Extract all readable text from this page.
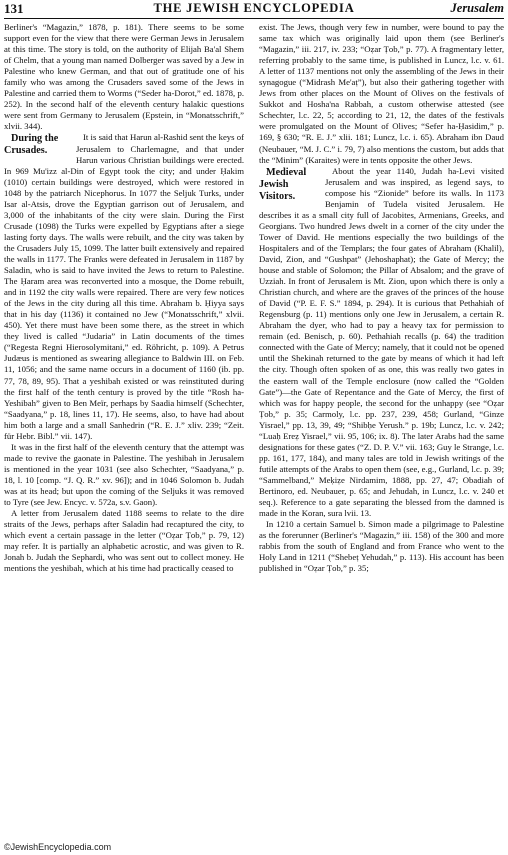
131	THE JEWISH ENCYCLOPEDIA	Jerusalem

Berliner's “Magazin,” 1878, p. 181). There seems to be some support even for the view that there were German Jews in Jerusalem at this time. The story is told, on the authority of Elijah Ba'al Shem of Chelm, that a young man named Dolberger was saved by a Jew in Palestine who knew German, and that out of gratitude one of his family who was among the Crusaders saved some of the Jews in Palestine and carried them to Worms (“Seder ha-Dorot,” ed. 1878, p. 252). In the second half of the eleventh century halakic questions were sent from Germany to Jerusalem (Epstein, in “Monatsschrift,” xlvii. 344).

During the Crusades.
It is said that Harun al-Rashid sent the keys of Jerusalem to Charlemagne, and that under Harun various Christian buildings were erected. In 969 Mu'izz al-Din of Egypt took the city; and under Ḥakim (1010) certain buildings were destroyed, which were restored in 1048 by the patriarch Nicephorus. In 1077 the Seljuk Turks, under Isar al-Atsis, drove the Egyptian garrison out of Jerusalem, and 3,000 of the inhabitants of the city were slain. During the First Crusade (1098) the Turks were expelled by Egyptians after a siege lasting forty days. The walls were rebuilt, and the city was taken by the Crusaders July 15, 1099. The latter built extensively and repaired the walls in 1177. The Franks were defeated in Jerusalem in 1187 by Saladin, who is said to have invited the Jews to return to Palestine. The Ḥaram area was reconverted into a mosque, the Dome rebuilt, and in 1192 the city walls were repaired. There are very few notices of the Jews in the city during all this time. Abraham b. Ḥiyya says that in his day (1136) it contained no Jew (“Monatsschrift,” xlvii. 450). Yet there must have been some there, as the street in which they lived is called “Judaria” in Latin documents of the times (“Regesta Regni Hierosolymitani,” ed. Röhricht, p. 109). A Petrus Judæus is mentioned as swearing allegiance to Baldwin III. on Feb. 11, 1056; and the same name occurs in a document of 1160 (ib. pp. 77, 78, 89, 95). That a yeshibah existed or was reinstituted during the first half of the tenth century is proved by the title “Rosh ha-Yeshibah” given to Ben Meïr, perhaps by Saadia himself (Schechter, “Saadyana,” p. 18, lines 11, 17). He seems, also, to have had about him both a large and a small Sanhedrin (“R. E. J.” xliv. 239; “Zeit. für Hebr. Bibl.” vii. 147).

It was in the first half of the eleventh century that the attempt was made to revive the gaonate in Palestine. The yeshibah in Jerusalem is mentioned in the year 1031 (see also Schechter, “Saadyana,” p. 18, l. 10 [comp. “J. Q. R.” xv. 96]); and in 1046 Solomon b. Judah was at its head; but upon the coming of the Seljuks it was removed to Tyre (see Jew. Encyc. v. 572a, s.v. Gaon).

A letter from Jerusalem dated 1188 seems to relate to the dire straits of the Jews, perhaps after Saladin had recaptured the city, to which event a certain passage in the letter (“Oẓar Ṭob,” p. 79, 12) may refer. It is partially an alphabetic acrostic, and was given to R. Jonah b. Judah the Sephardi, who was sent out to collect money. He mentions the yeshibah, which at his time had practically ceased to

exist. The Jews, though very few in number, were bound to pay the same tax which was originally laid upon them (see Berliner's “Magazin,” iii. 217, iv. 233; “Oẓar Ṭob,” p. 77). A fragmentary letter, referring probably to the same time, is published in Luncz, l.c. v. 61. A letter of 1137 mentions not only the assembling of the Jews in their synagogue (“Midrash Me'aṭ”), but also their gathering together with Jews from other places on the Mount of Olives on the festivals of Sukkot and Hosha'na Rabbah, a custom otherwise attested (see Schechter, l.c. 22, 5; according to 21, 12, the dates of the festivals were promulgated on the Mount of Olives; “Sefer ha-Ḥasidim,” p. 169, § 630; “R. E. J.” xlii. 181; Luncz, l.c. i. 65). Abraham ibn Daud (Neubauer, “M. J. C.” i. 79, 7) also mentions the custom, but adds that the “Minim” (Karaites) were in tents opposite the other Jews.

Medieval Jewish Visitors.
About the year 1140, Judah ha-Levi visited Jerusalem and was inspired, as legend says, to compose his “Zionide” before its walls. In 1173 Benjamin of Tudela visited Jerusalem. He describes it as a small city full of Jacobites, Armenians, Greeks, and Georgians. Two hundred Jews dwelt in a corner of the city under the Tower of David. He mentions especially the two buildings of the Hospitalers and of the Templars; the four gates of Abraham (Khalil), David, Zion, and “Gushpat” (Jehoshaphat); the Gate of Mercy; the house and stable of Solomon; the Pillar of Absalom; and the grave of Uzziah. In front of Jerusalem is Mt. Zion, upon which there is only a Christian church, and where are the graves of the princes of the house of David (“P. E. F. S.” 1894, p. 294). It is curious that Pethahiah of Regensburg (p. 11) mentions only one Jew in Jerusalem, a certain R. Abraham the dyer, who had to pay a heavy tax for permission to remain (ed. Benisch, p. 60). Pethahiah recalls (p. 64) the tradition connected with the Gate of Mercy; namely, that it could not be opened until the Shekinah returned to the gate by means of which it had left the city. Though often spoken of as one, this was really two gates in the eastern wall of the Temple enclosure (now called the “Golden Gate”)—the Gate of Repentance and the Gate of Mercy, the first of which was for happy people, the second for the unhappy (see “Oẓar Ṭob,” p. 35; Carmoly, l.c. pp. 237, 239, 458; Gurland, “Ginze Yisrael,” pp. 13, 39, 49; “Shibḥe Yerush.” p. 19b; Luncz, l.c. v. 242; “Luaḥ Ereẓ Yisrael,” vii. 95, 106; ix. 8). The later Arabs had the same designations for these gates (“Z. D. P. V.” vii. 163; Guy le Strange, l.c. pp. 161, 177, 184), and many tales are told in Jewish writings of the futile attempts of the Arabs to open them (see, e.g., Gurland, l.c. p. 39; “Sammelband,” Meḳiẓe Nirdamim, 1888, pp. 27, 47; Obadiah of Bertinoro, ed. Neubauer, p. 65; and Jehudah, in Luncz, l.c. v. 240 et seq.). Reference to a gate separating the blessed from the damned is made in the Koran, sura lvii. 13.

In 1210 a certain Samuel b. Simon made a pilgrimage to Palestine as the forerunner (Berliner's “Magazin,” iii. 158) of the 300 and more rabbis from the south of England and from France who went to the Holy Land in 1211 (“Shebeṭ Yehudah,” p. 113). His account has been published in “Oẓar Ṭob,” p. 35;

©JewishEncyclopedia.com
